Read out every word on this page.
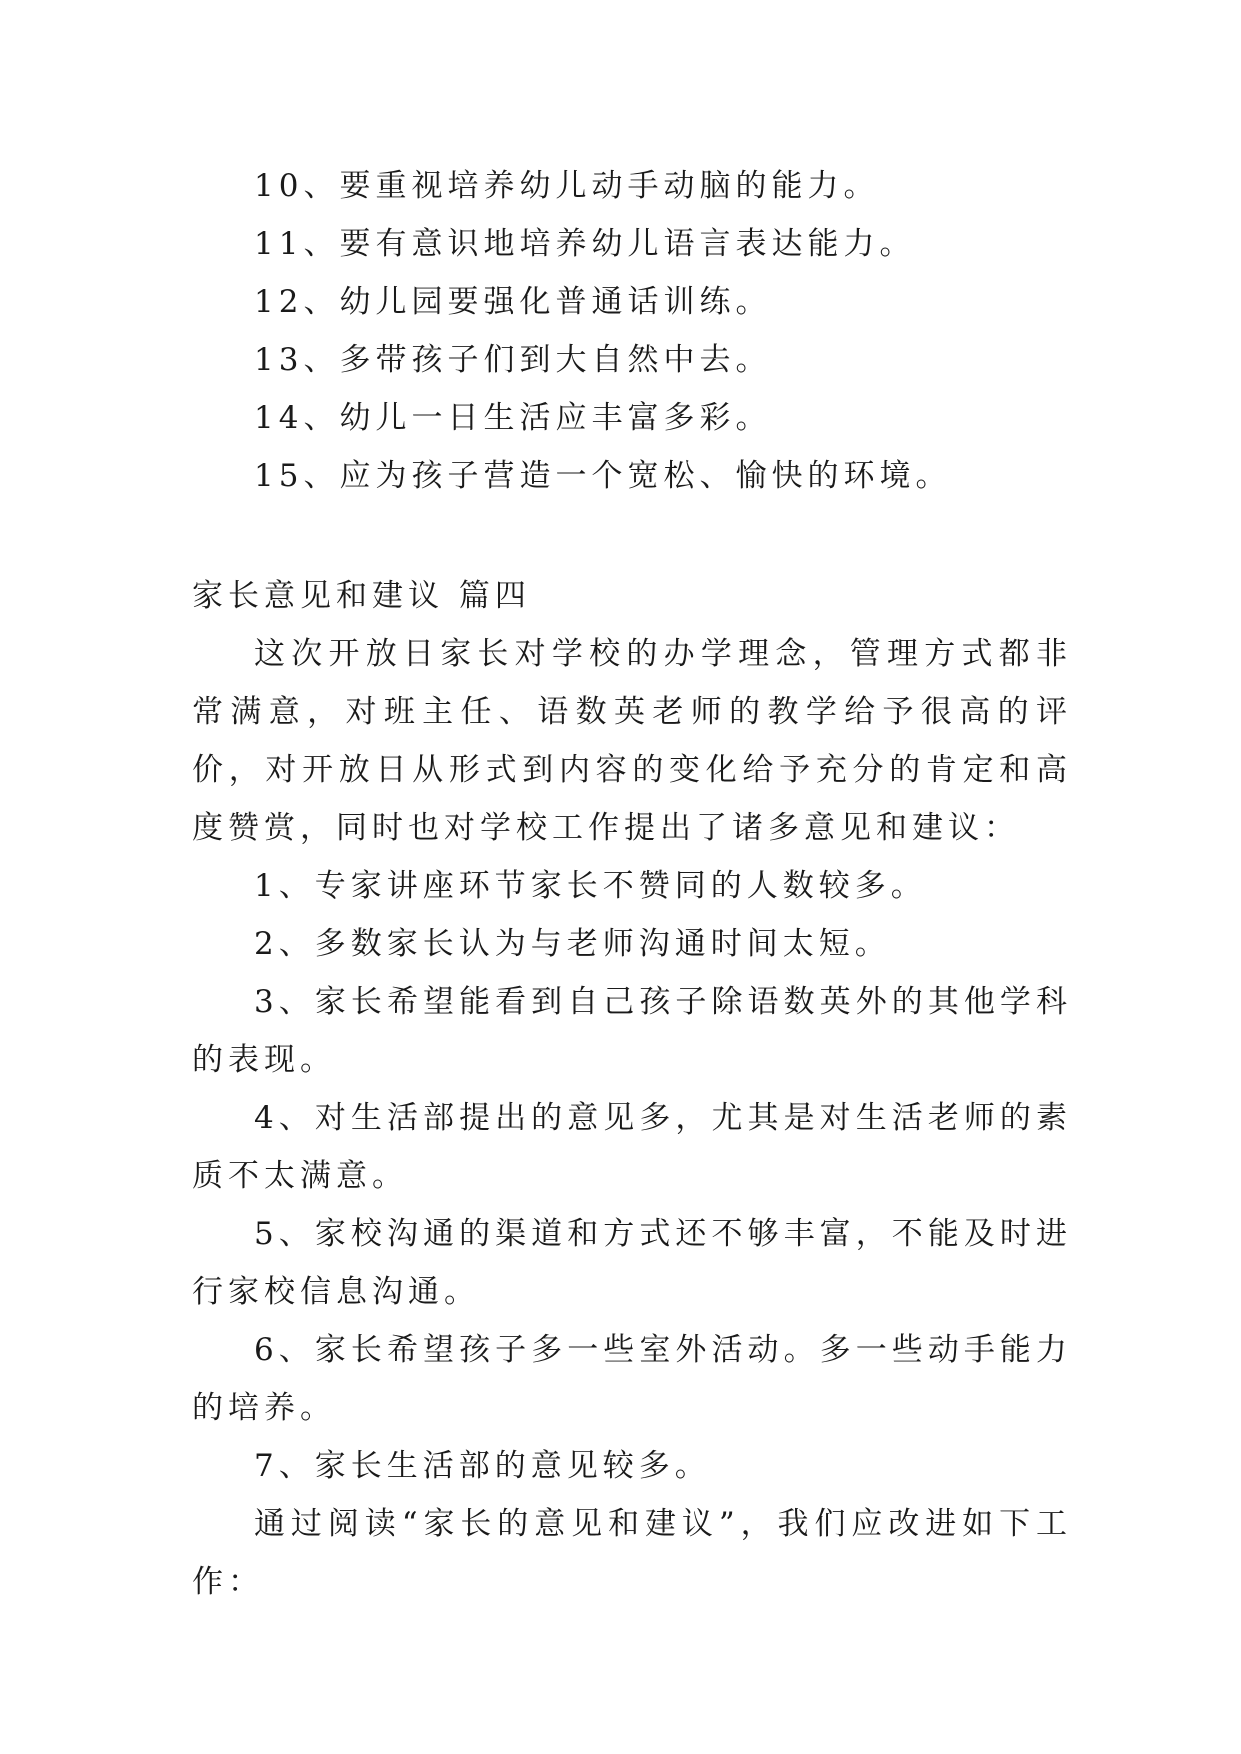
10、要重视培养幼儿动手动脑的能力。
11、要有意识地培养幼儿语言表达能力。
12、幼儿园要强化普通话训练。
13、多带孩子们到大自然中去。
14、幼儿一日生活应丰富多彩。
15、应为孩子营造一个宽松、愉快的环境。
家长意见和建议 篇四

这次开放日家长对学校的办学理念，管理方式都非常满意，对班主任、语数英老师的教学给予很高的评价，对开放日从形式到内容的变化给予充分的肯定和高度赞赏，同时也对学校工作提出了诸多意见和建议：

1、专家讲座环节家长不赞同的人数较多。

2、多数家长认为与老师沟通时间太短。

3、家长希望能看到自己孩子除语数英外的其他学科的表现。

4、对生活部提出的意见多，尤其是对生活老师的素质不太满意。

5、家校沟通的渠道和方式还不够丰富，不能及时进行家校信息沟通。

6、家长希望孩子多一些室外活动。多一些动手能力的培养。

7、家长生活部的意见较多。

通过阅读“家长的意见和建议”，我们应改进如下工作：
